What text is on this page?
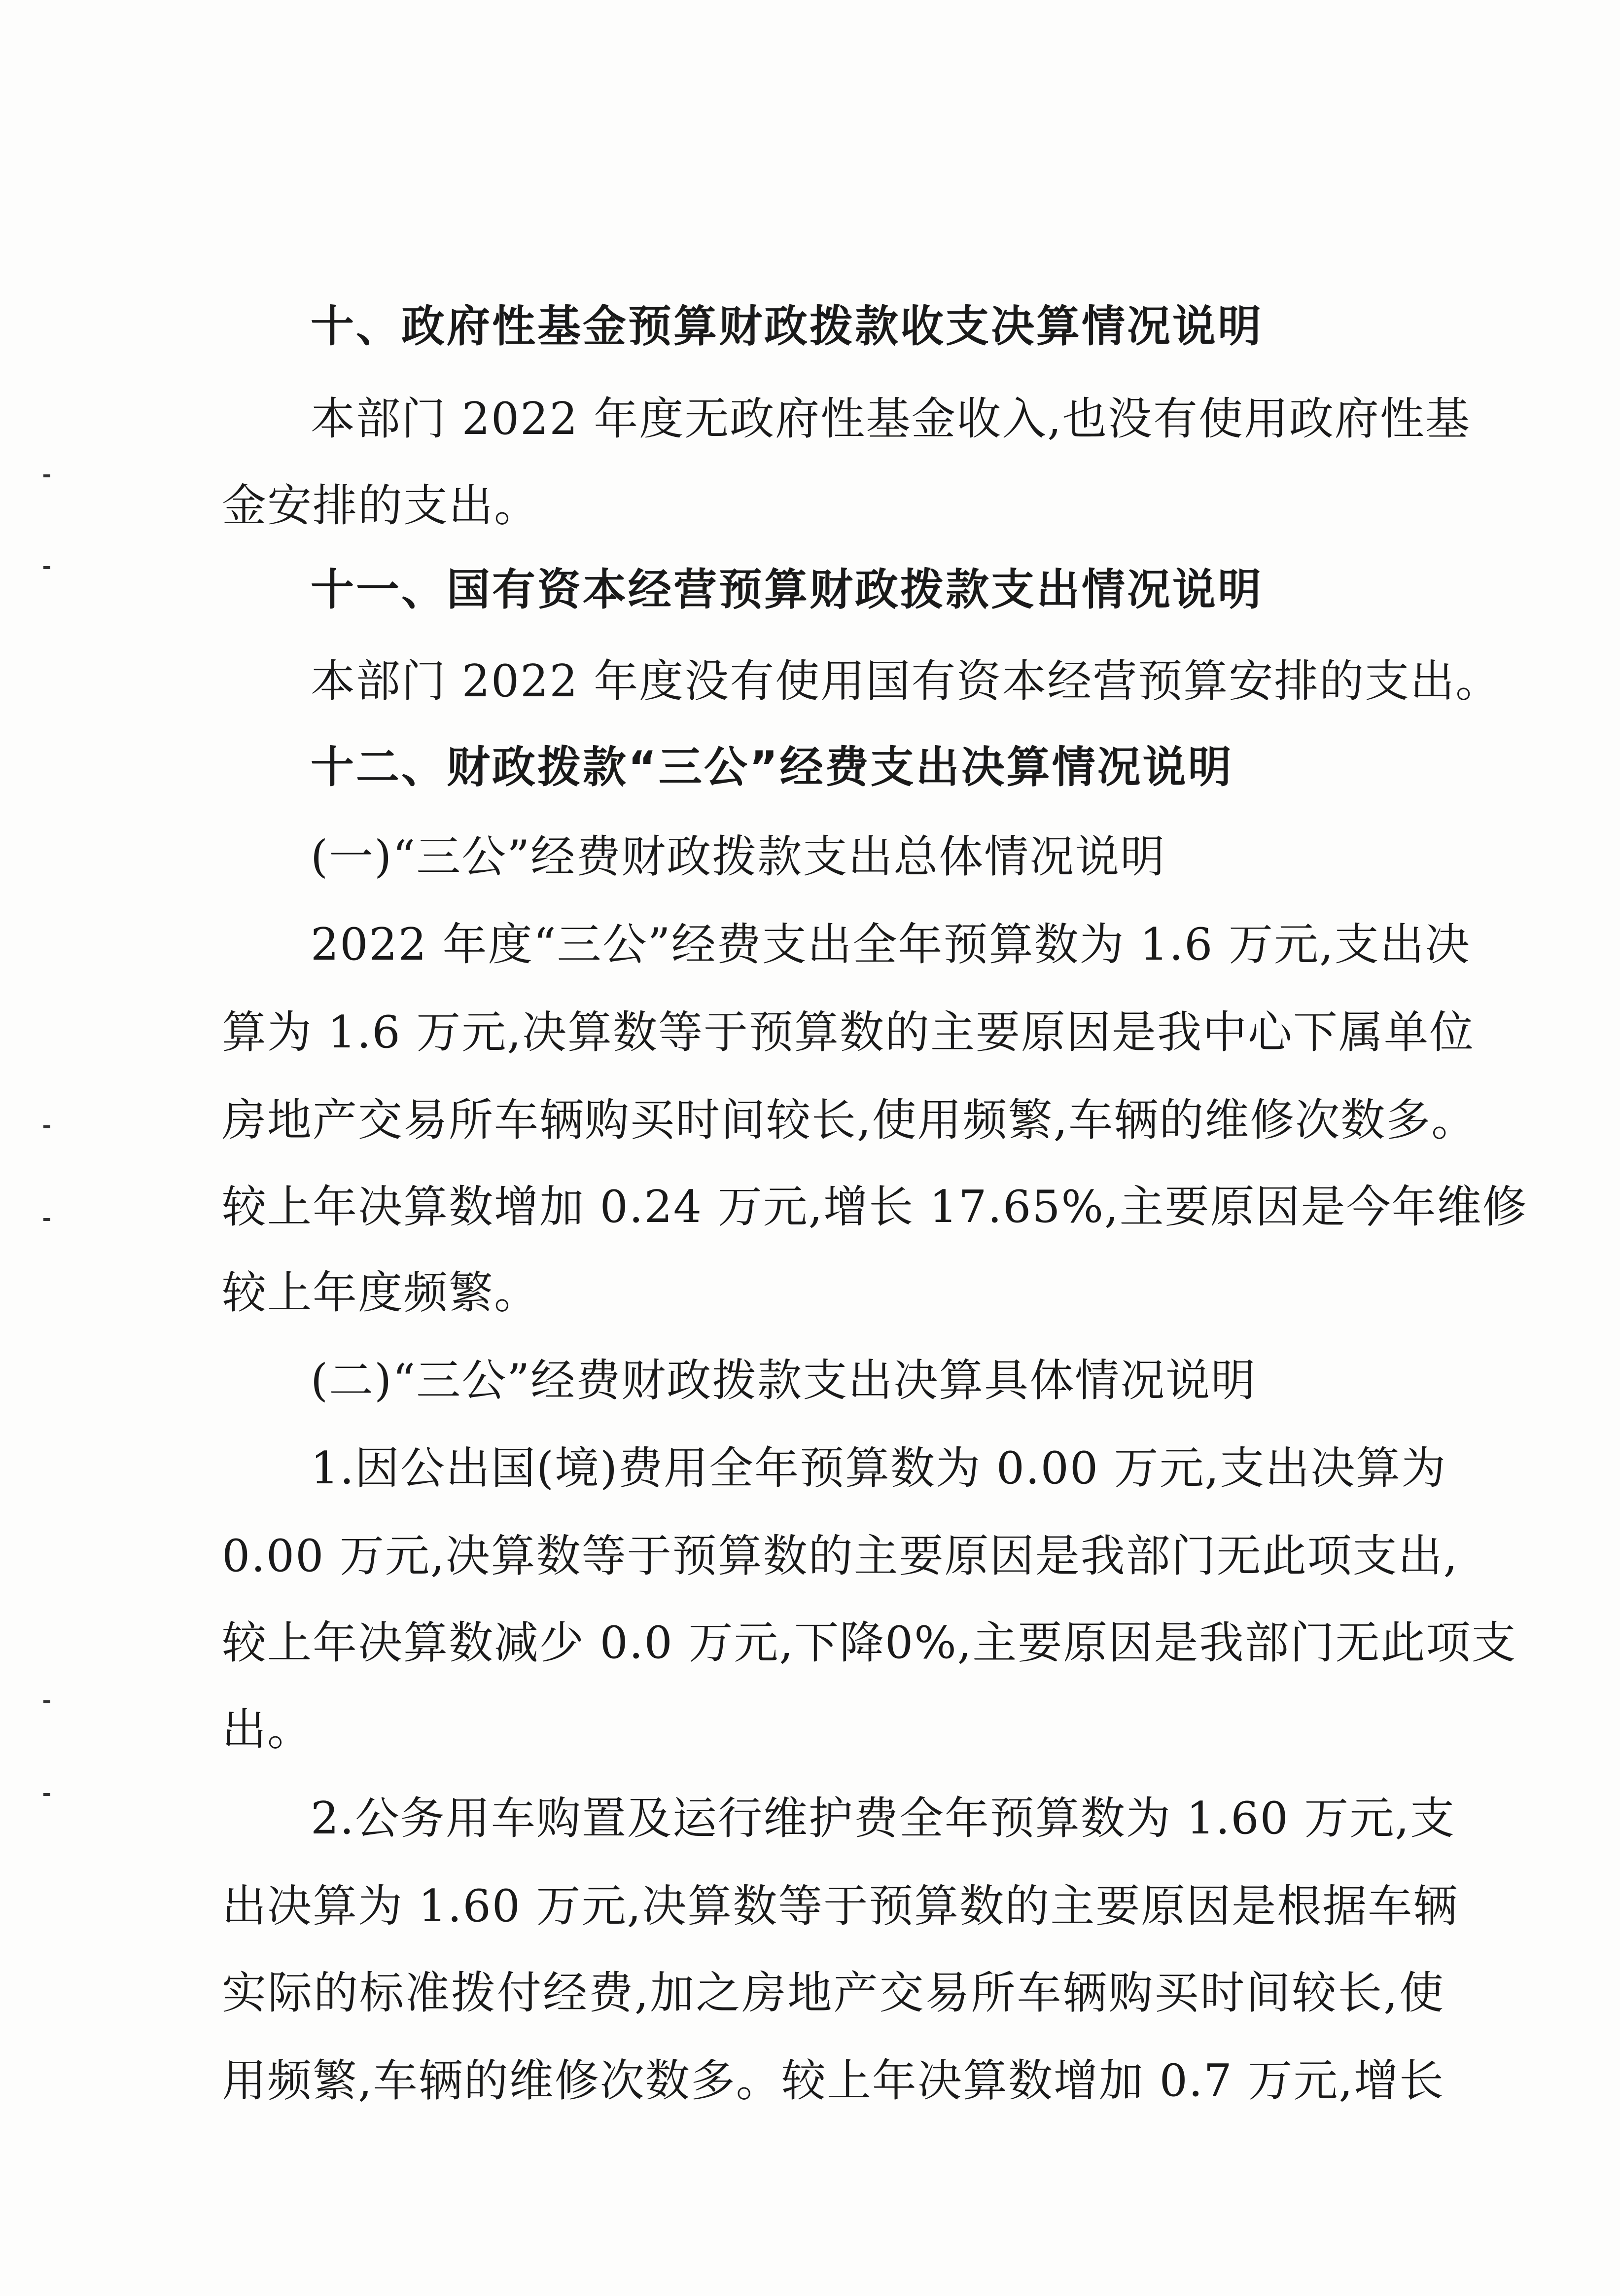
十、政府性基金预算财政拨款收支决算情况说明
本部门 2022 年度无政府性基金收入,也没有使用政府性基
金安排的支出。
十一、国有资本经营预算财政拨款支出情况说明
本部门 2022 年度没有使用国有资本经营预算安排的支出。
十二、财政拨款“三公”经费支出决算情况说明
(一)“三公”经费财政拨款支出总体情况说明
2022 年度“三公”经费支出全年预算数为 1.6 万元,支出决
算为 1.6 万元,决算数等于预算数的主要原因是我中心下属单位
房地产交易所车辆购买时间较长,使用频繁,车辆的维修次数多。
较上年决算数增加 0.24 万元,增长 17.65%,主要原因是今年维修
较上年度频繁。
(二)“三公”经费财政拨款支出决算具体情况说明
1.因公出国(境)费用全年预算数为 0.00 万元,支出决算为
0.00 万元,决算数等于预算数的主要原因是我部门无此项支出,
较上年决算数减少 0.0 万元,下降0%,主要原因是我部门无此项支
出。
2.公务用车购置及运行维护费全年预算数为 1.60 万元,支
出决算为 1.60 万元,决算数等于预算数的主要原因是根据车辆
实际的标准拨付经费,加之房地产交易所车辆购买时间较长,使
用频繁,车辆的维修次数多。较上年决算数增加 0.7 万元,增长
